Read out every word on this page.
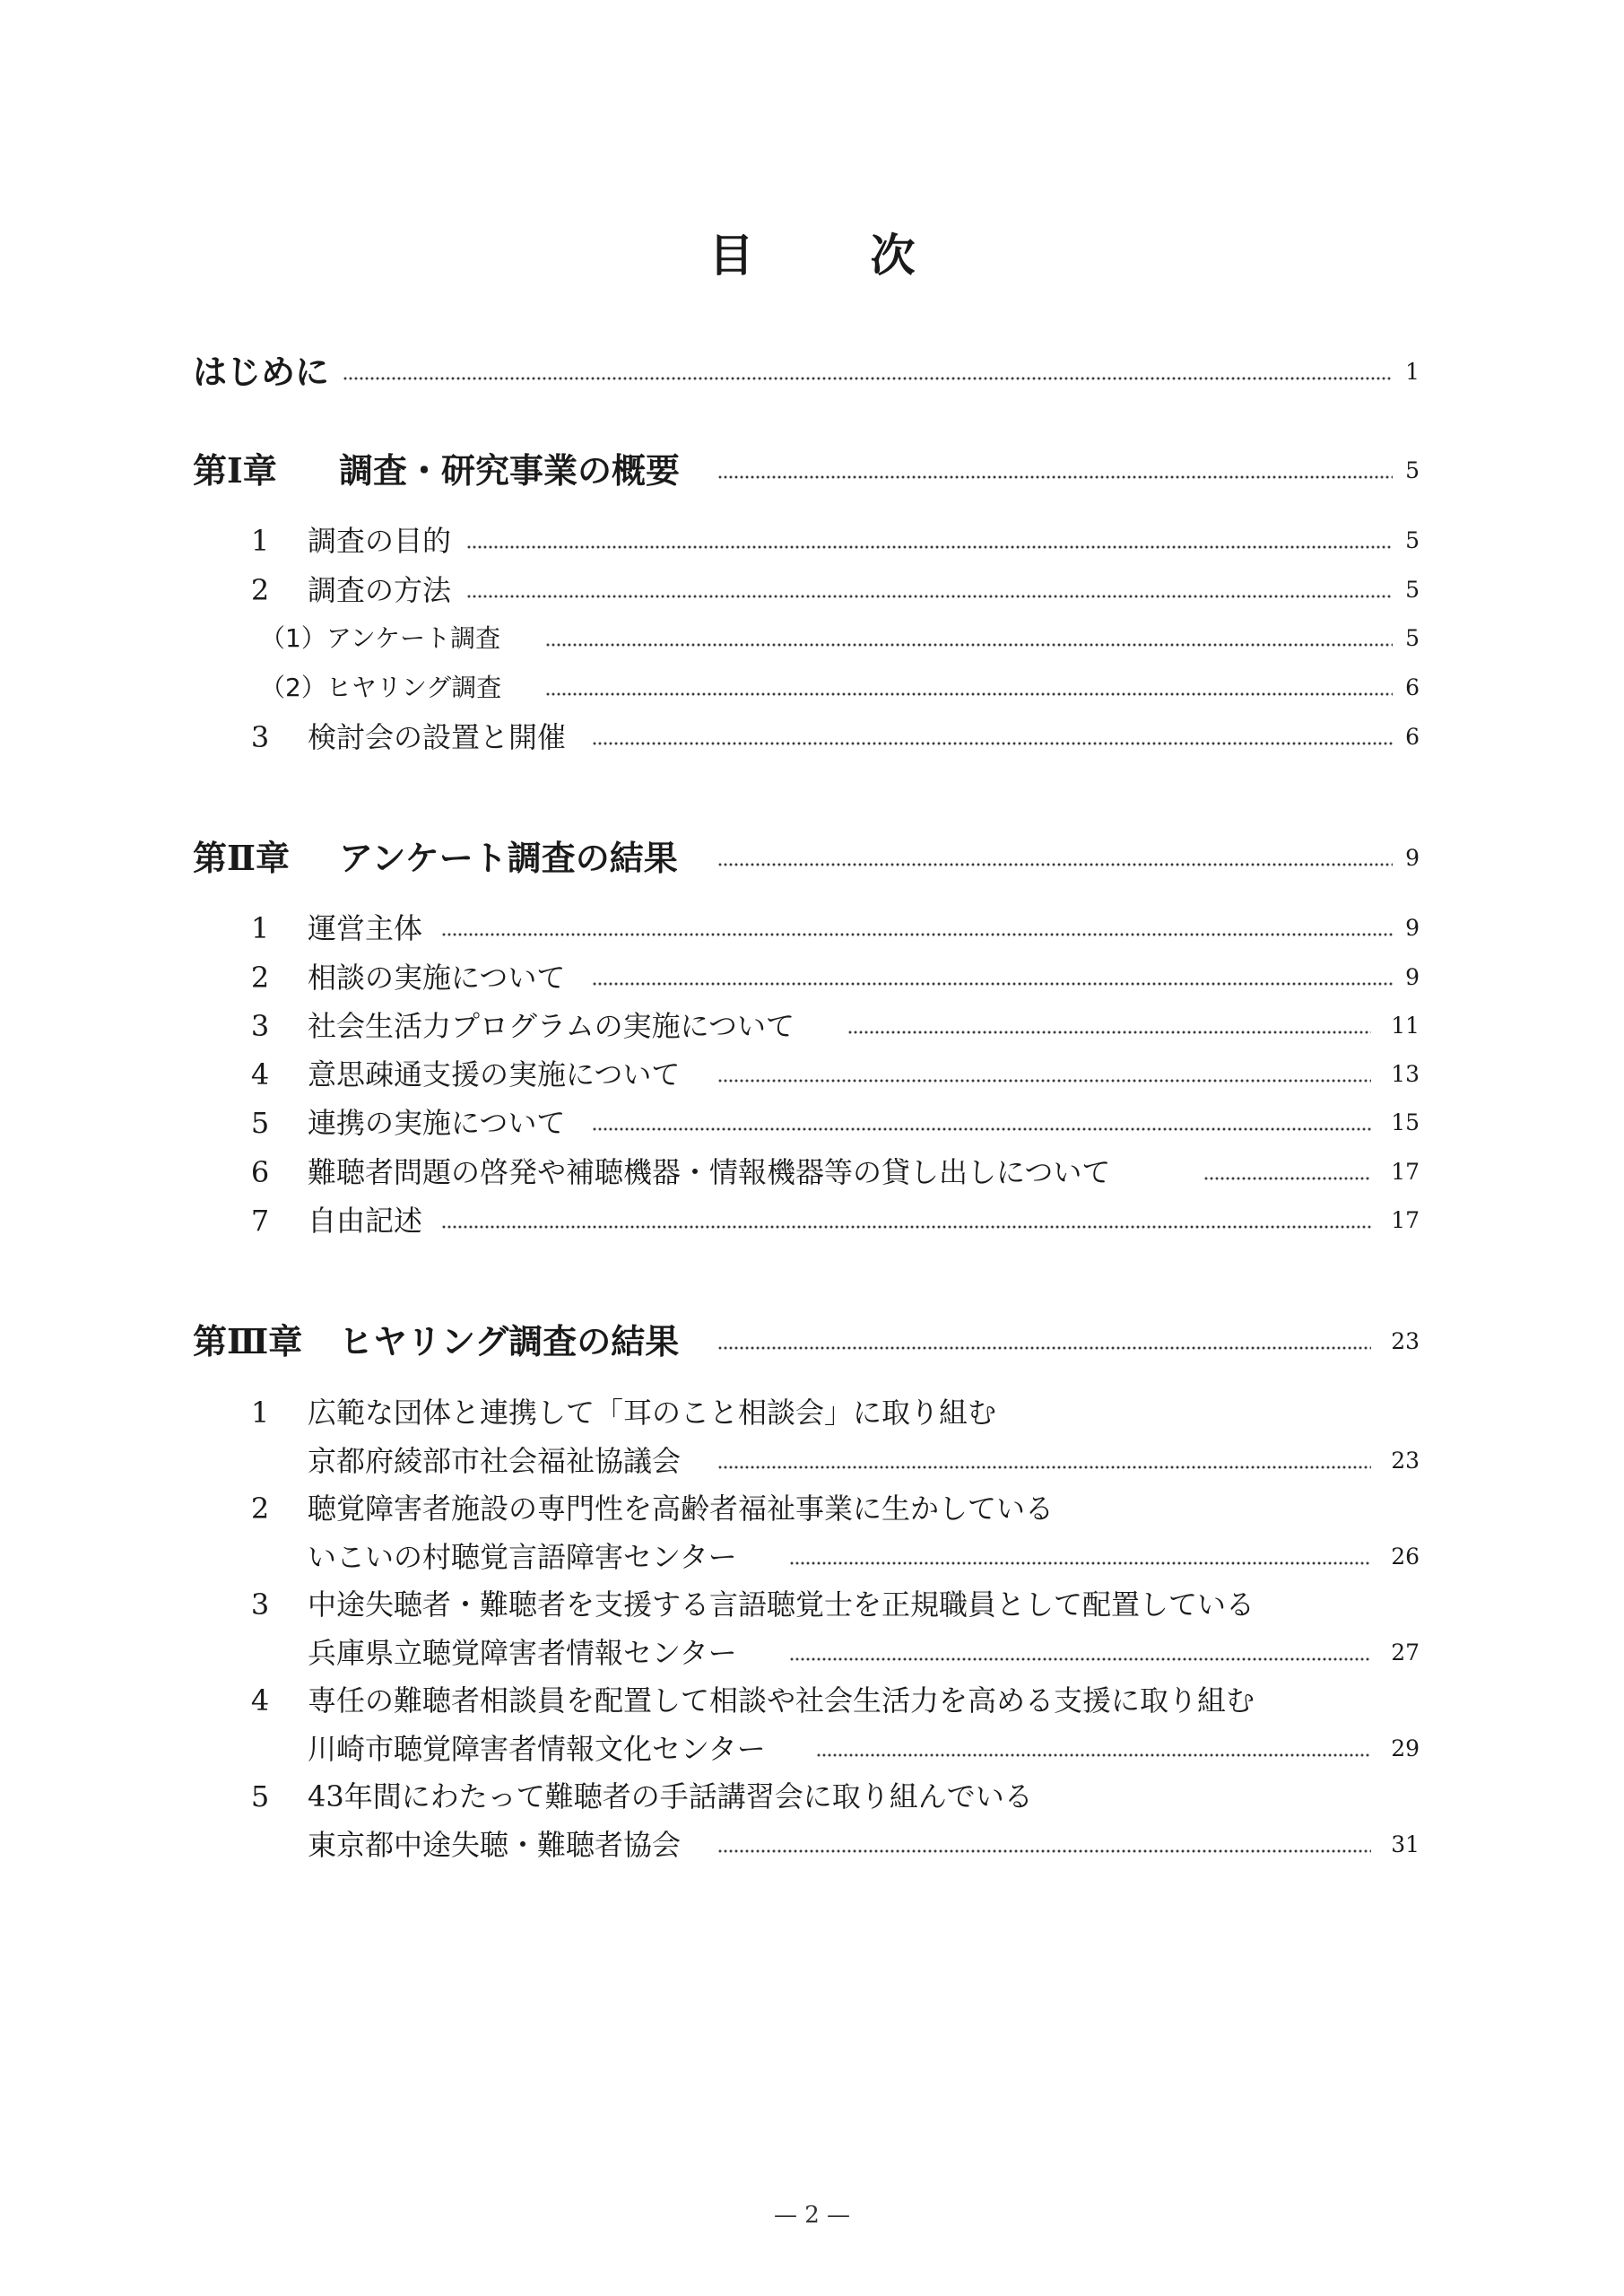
目　次
はじめに	1
第Ⅰ章 調査・研究事業の概要	5
1	調査の目的	5
2	調査の方法	5
（1）アンケート調査	5
（2）ヒヤリング調査	6
3	検討会の設置と開催	6
第Ⅱ章 アンケート調査の結果	9
1	運営主体	9
2	相談の実施について	9
3	社会生活力プログラムの実施について	11
4	意思疎通支援の実施について	13
5	連携の実施について	15
6	難聴者問題の啓発や補聴機器・情報機器等の貸し出しについて	17
7	自由記述	17
第Ⅲ章 ヒヤリング調査の結果	23
1	広範な団体と連携して「耳のこと相談会」に取り組む
京都府綾部市社会福祉協議会	23
2	聴覚障害者施設の専門性を高齢者福祉事業に生かしている
いこいの村聴覚言語障害センター	26
3	中途失聴者・難聴者を支援する言語聴覚士を正規職員として配置している
兵庫県立聴覚障害者情報センター	27
4	専任の難聴者相談員を配置して相談や社会生活力を高める支援に取り組む
川崎市聴覚障害者情報文化センター	29
5	43年間にわたって難聴者の手話講習会に取り組んでいる
東京都中途失聴・難聴者協会	31
— 2 —
